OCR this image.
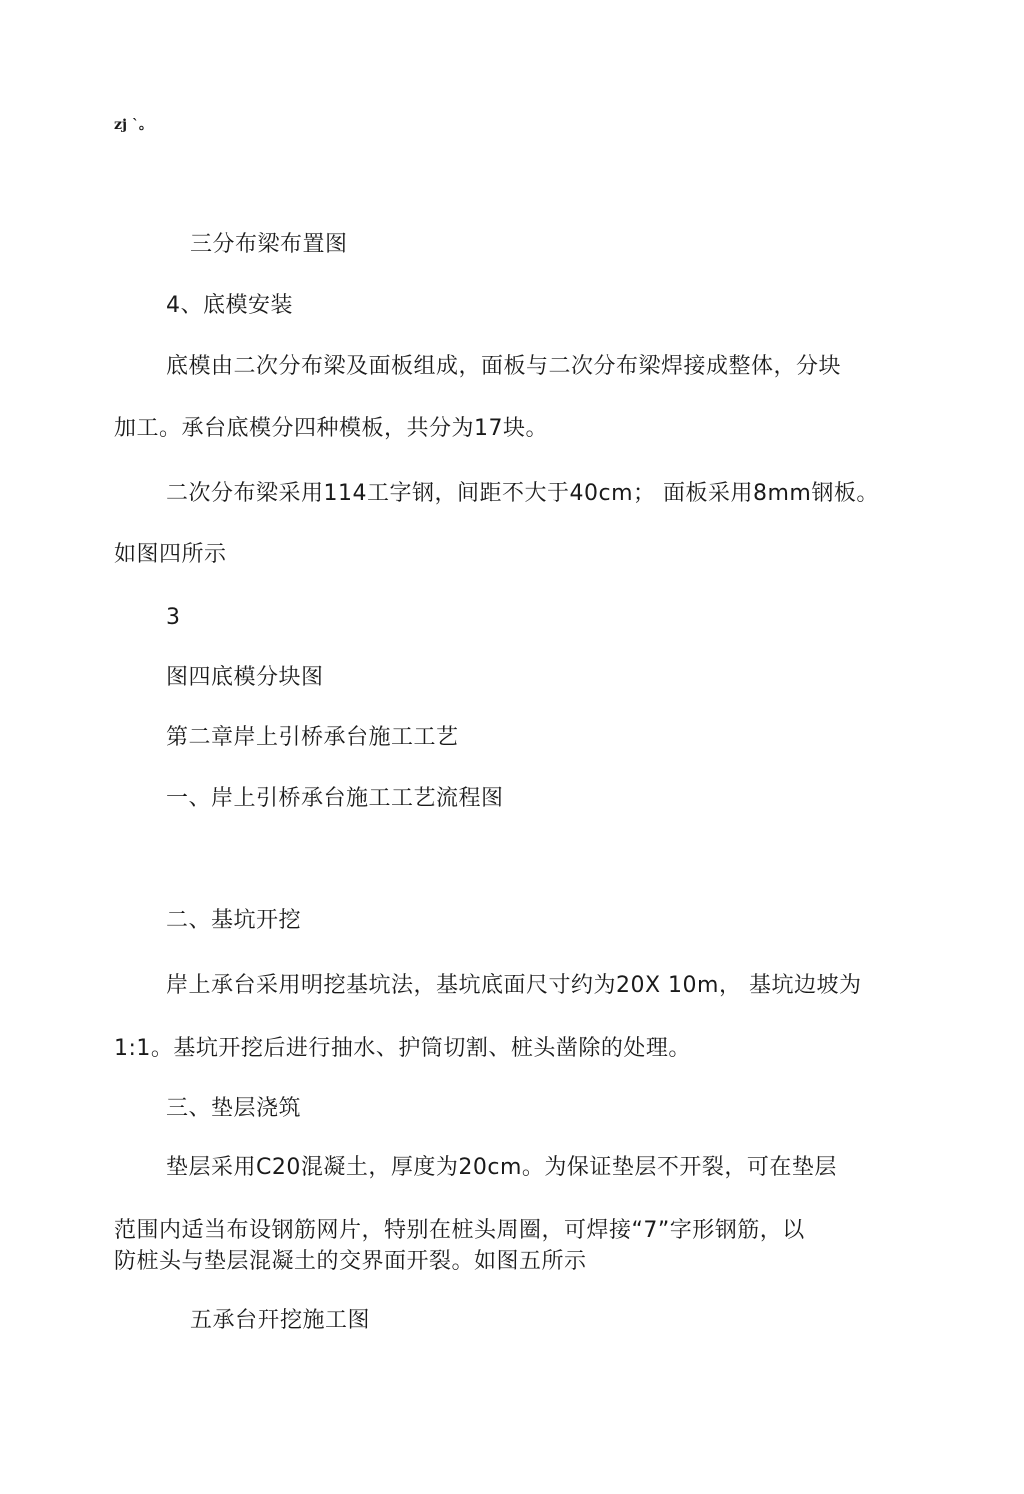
zj `。
三分布梁布置图
4、底模安装
底模由二次分布梁及面板组成，面板与二次分布梁焊接成整体，分块
加工。承台底模分四种模板，共分为17块。
二次分布梁采用114工字钢，间距不大于40cm； 面板采用8mm钢板。
如图四所示
3
图四底模分块图
第二章岸上引桥承台施工工艺
一、岸上引桥承台施工工艺流程图
二、基坑开挖
岸上承台采用明挖基坑法，基坑底面尺寸约为20X 10m， 基坑边坡为
1:1。基坑开挖后进行抽水、护筒切割、桩头凿除的处理。
三、垫层浇筑
垫层采用C20混凝土，厚度为20cm。为保证垫层不开裂，可在垫层
范围内适当布设钢筋网片，特别在桩头周圈，可焊接“7”字形钢筋，以
防桩头与垫层混凝土的交界面开裂。如图五所示
五承台幵挖施工图
